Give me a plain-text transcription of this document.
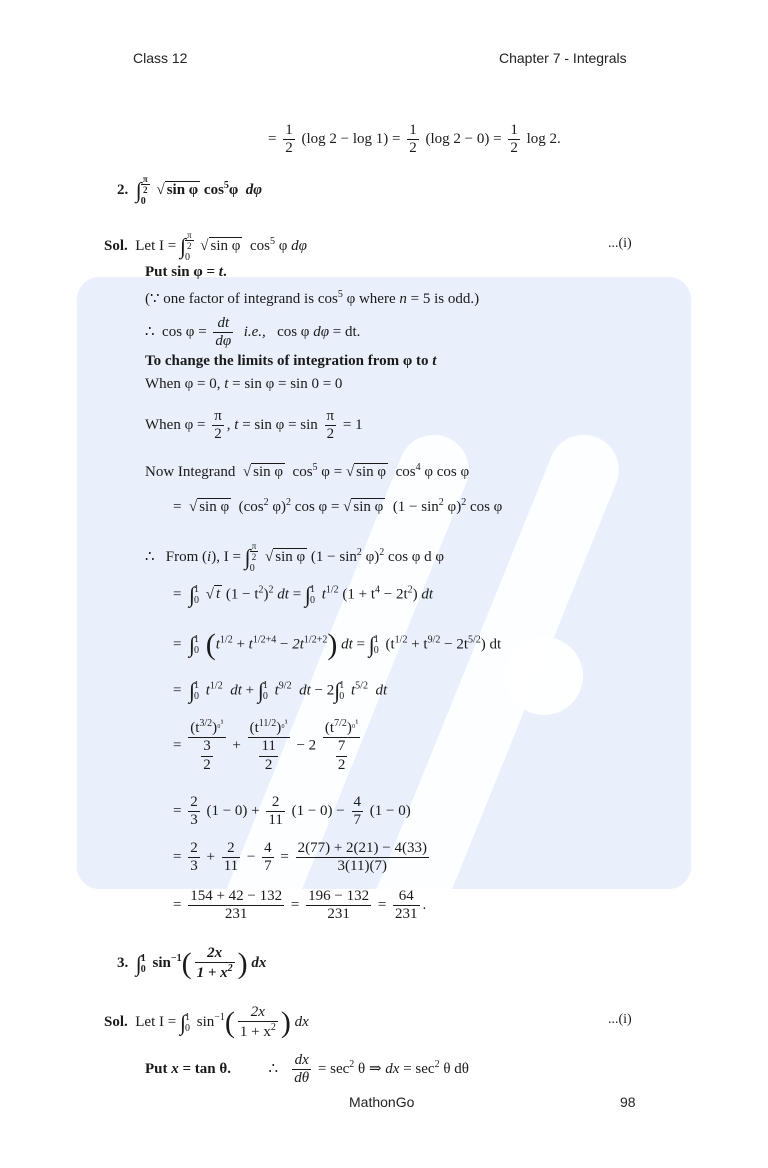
Class 12	Chapter 7 - Integrals
= $\frac{1}{2} (\log$ $2 - \log 1) = \frac{1}{2} (\log$ $2 - 0) = \frac{1}{2}$ log 2.
2. ∫ π
2
0
√ sin φ $\cos^5\varphi$ dφ
Sol. Let I = ∫ π
2
0
√ sin φ $\cos^5 \varphi$ dφ	...(i)
Put sin φ = t.
(∵ one factor of integrand is $\cos^5 \varphi$ where n = 5 is odd.)
∴ $\cos \varphi = \frac{dt}{d\varphi} i.e$., cos φ dφ = dt.
To change the limits of integration from φ to t
When φ = 0, t = sin φ = sin 0 = 0
When $\varphi = \frac{\pi}{2}$ , $t = \sin \varphi = \sin \frac{\pi}{2} = 1$
Now Integrand √ sin φ $\cos^5 \varphi$ = √ sin φ $\cos^4 \varphi$ cos φ
= √ sin φ ($\cos^2$ φ)$^2$ cos φ = √ sin φ $(1 - \sin^2 \varphi)^2$ cos φ
∴ From (i), I = ∫ π
2
0
√ sin φ $(1 - \sin^2 \varphi)^2$ cos φ d φ
= ∫ 1
0 √ t $(1 - t^2)^2$ dt = ∫ 1
0 $t^{1/2}$ $(1 + t^4 - 2t^2)$ dt
= ∫ 1
0 $(t^{1/2} + t^{1/2+4} - 2t^{1/2+2})$ dt = ∫ 1
0 $(t^{1/2} + t^{9/2} - 2t^{5/2})$ dt
= ∫ 1
0 $t^{1/2}$ dt + ∫ 1
0 $t^{9/2}$ dt − 2∫ 1
0 $t^{5/2}$ dt
= $\frac{(t^{3/2})^{_0^1}}{\frac{3}{2}} + \frac{(t^{11/2})^{_0^1}}{\frac{11}{2}} - 2 \frac{(t^{7/2})^{_0^1}}{\frac{7}{2}}$
= $\frac{2}{3} (1 - 0) + \frac{2}{11} (1 - 0) - \frac{4}{7} (1 - 0)$
= $\frac{2}{3} + \frac{2}{11} - \frac{4}{7} = \frac{2(77) + 2(21) - 4(33)}{3(11)(7)}$
= $\frac{154 + 42 - 132}{231} = \frac{196 - 132}{231} = \frac{64}{231}$ .
3. ∫ 1
0 $\sin^{-1}( \frac{2x}{1 + x^2}$ ) dx
Sol. Let I = ∫ 1
0 $\sin^{-1}( \frac{2x}{1 + x^2}$ ) dx	...(i)
Put x = tan θ.	∴ $\frac{dx}{d\theta} = \sec^2 \theta$ ⇒ dx = $\sec^2 \theta$ dθ
MathonGo	98
